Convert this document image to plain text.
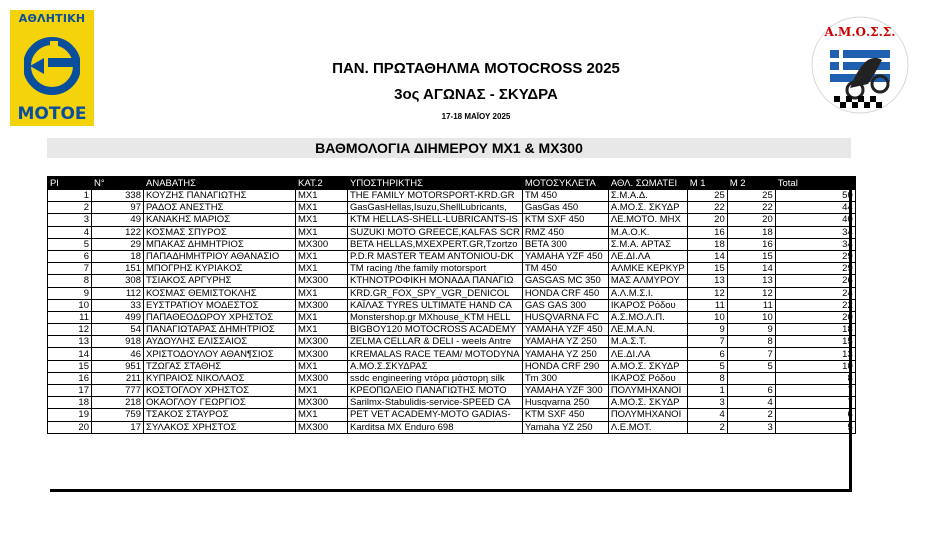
ΑΘΛΗΤΙΚΗ
ΜΟΤΟΕ
Α.Μ.Ο.Σ.Σ.
ΠΑΝ. ΠΡΩΤΑΘΗΛΜΑ MOTOCROSS 2025
3ος ΑΓΩΝΑΣ - ΣΚΥΔΡΑ
17-18 ΜΑΪΟΥ 2025
ΒΑΘΜΟΛΟΓΙΑ ΔΙΗΜΕΡΟΥ MX1 & MX300
Pl	N°	ΑΝΑΒΑΤΗΣ	ΚΑΤ.2	ΥΠΟΣΤΗΡΙΚΤΗΣ	ΜΟΤΟΣΥΚΛΕΤΑ	ΑΘΛ. ΣΩΜΑΤΕΙ	Μ 1	Μ 2	Total
1	338	ΚΟΥΖΗΣ ΠΑΝΑΓΙΩΤΗΣ	MX1	THE FAMILY MOTORSPORT-KRD.GR	TM 450	Σ.Μ.Α.Δ.	25	25	50
2	97	ΡΑΔΟΣ ΑΝΕΣΤΗΣ	MX1	GasGasHellas,Isuzu,ShellLubricants,	GasGas 450	Α.ΜΟ.Σ. ΣΚΥΔΡ	22	22	44
3	49	ΚΑΝΑΚΗΣ ΜΑΡΙΟΣ	MX1	KTM HELLAS-SHELL-LUBRICANTS-IS	KTM SXF 450	ΛΕ.ΜΟΤΟ. ΜΗΧ	20	20	40
4	122	ΚΟΣΜΑΣ ΣΠΥΡΟΣ	MX1	SUZUKI MOTO GREECE,KALFAS SCR	RMZ 450	Μ.Α.Ο.Κ.	16	18	34
5	29	ΜΠΑΚΑΣ ΔΗΜΗΤΡΙΟΣ	MX300	BETA HELLAS,MXEXPERT.GR,Tzortzo	BETA 300	Σ.Μ.Α. ΑΡΤΑΣ	18	16	34
6	18	ΠΑΠΑΔΗΜΗΤΡΙΟΥ ΑΘΑΝΑΣΙΟ	MX1	P.D.R MASTER TEAM ANTONIOU-DK	YAMAHA YZF 450	ΛΕ.ΔΙ.ΛΑ	14	15	29
7	151	ΜΠΟΓΡΗΣ ΚΥΡΙΑΚΟΣ	MX1	TM racing /the family motorsport	TM 450	ΑΛΜΚΕ ΚΕΡΚΥΡ	15	14	29
8	308	ΤΣΙΑΚΟΣ ΑΡΓΥΡΗΣ	MX300	ΚΤΗΝΟΤΡΟΦΙΚΗ ΜΟΝΑΔΑ ΠΑΝΑΓΙΩ	GASGAS MC 350	ΜΑΣ ΑΛΜΥΡΟΥ	13	13	26
9	112	ΚΟΣΜΑΣ ΘΕΜΙΣΤΟΚΛΗΣ	MX1	KRD.GR_FOX_SPY_VGR_DENICOL	HONDA CRF 450	Α.Λ.Μ.Σ.Ι.	12	12	24
10	33	ΕΥΣΤΡΑΤΙΟΥ ΜΟΔΕΣΤΟΣ	MX300	ΚΑΪΛΑΣ TYRES ULTIMATE HAND CA	GAS GAS 300	ΙΚΑΡΟΣ Ρόδου	11	11	22
11	499	ΠΑΠΑΘΕΟΔΩΡΟΥ ΧΡΗΣΤΟΣ	MX1	Monstershop.gr MXhouse_KTM HELL	HUSQVARNA FC	Α.Σ.ΜΟ.Λ.Π.	10	10	20
12	54	ΠΑΝΑΓΙΩΤΑΡΑΣ ΔΗΜΗΤΡΙΟΣ	MX1	BIGBOY120 MOTOCROSS ACADEMY	YAMAHA YZF 450	ΛΕ.Μ.Α.Ν.	9	9	18
13	918	ΑΥΔΟΥΛΗΣ ΕΛΙΣΣΑΙΟΣ	MX300	ZELMA CELLAR & DELI - weels Antre	YAMAHA YZ 250	Μ.Α.Σ.Τ.	7	8	15
14	46	ΧΡΙΣΤΟΔΟΥΛΟΥ ΑΘΑΝ¶ΣΙΟΣ	MX300	KREMALAS RACE TEAM/ MOTODYNA	YAMAHA YZ 250	ΛΕ.ΔΙ.ΛΑ	6	7	13
15	951	ΤΖΩΓΑΣ ΣΤΑΘΗΣ	MX1	Α.ΜΟ.Σ.ΣΚΥΔΡΑΣ	HONDA CRF 290	Α.ΜΟ.Σ. ΣΚΥΔΡ	5	5	10
16	211	ΚΥΠΡΑΙΟΣ ΝΙΚΟΛΑΟΣ	MX300	ssdc engineering ντόρα μάστορη silk	Tm 300	ΙΚΑΡΟΣ Ρόδου	8		8
17	777	ΚΟΣΤΟΓΛΟΥ ΧΡΗΣΤΟΣ	MX1	ΚΡΕΟΠΩΛΕΙΟ ΠΑΝΑΓΙΩΤΗΣ ΜΟΤΟ	YAMAHA YZF 300	ΠΟΛΥΜΗΧΑΝΟΙ	1	6	7
18	218	ΟΚΑΟΓΛΟΥ ΓΕΩΡΓΙΟΣ	MX300	Sarilmx-Stabulidis-service-SPEED CA	Husqvarna 250	Α.ΜΟ.Σ. ΣΚΥΔΡ	3	4	7
19	759	ΤΣΑΚΟΣ ΣΤΑΥΡΟΣ	MX1	PET VET ACADEMY-MOTO GADIAS-	KTM SXF 450	ΠΟΛΥΜΗΧΑΝΟΙ	4	2	6
20	17	ΣΥΛΑΚΟΣ ΧΡΗΣΤΟΣ	MX300	Karditsa MX Enduro 698	Yamaha YZ 250	Λ.Ε.ΜΟΤ.	2	3	5
